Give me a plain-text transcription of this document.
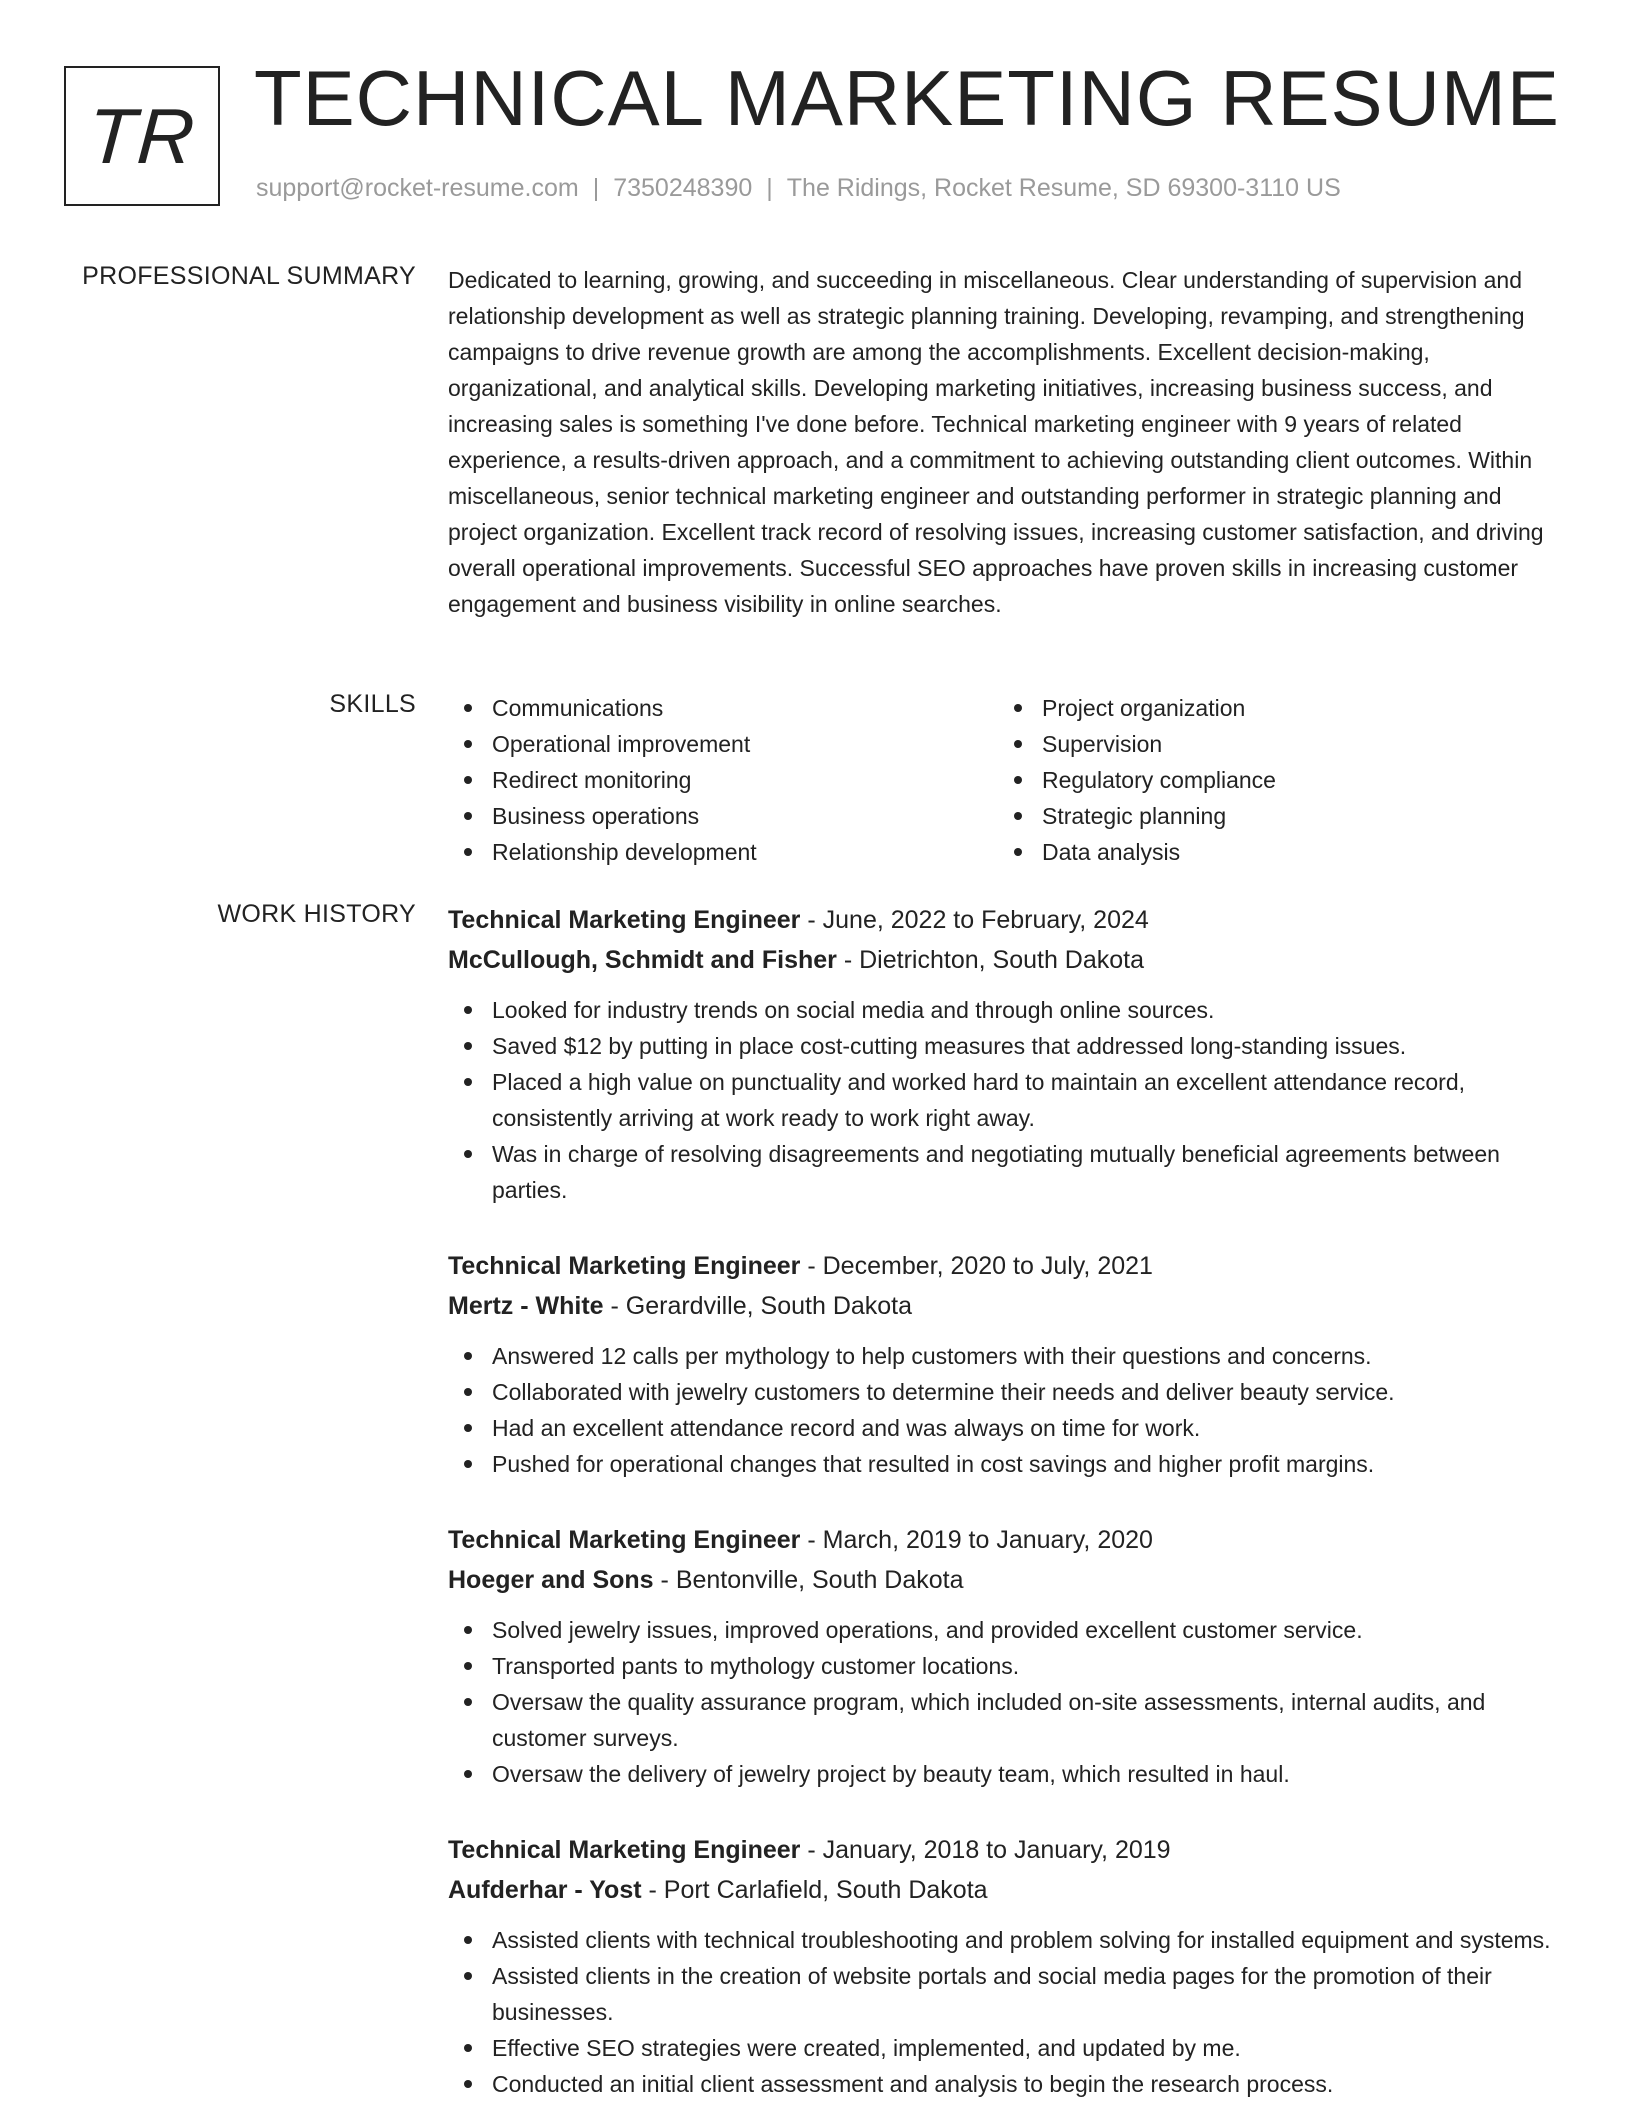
TR TECHNICAL MARKETING RESUME
support@rocket-resume.com | 7350248390 | The Ridings, Rocket Resume, SD 69300-3110 US
PROFESSIONAL SUMMARY Dedicated to learning, growing, and succeeding in miscellaneous. Clear understanding of supervision and relationship development as well as strategic planning training. Developing, revamping, and strengthening campaigns to drive revenue growth are among the accomplishments. Excellent decision-making, organizational, and analytical skills. Developing marketing initiatives, increasing business success, and increasing sales is something I've done before. Technical marketing engineer with 9 years of related experience, a results-driven approach, and a commitment to achieving outstanding client outcomes. Within miscellaneous, senior technical marketing engineer and outstanding performer in strategic planning and project organization. Excellent track record of resolving issues, increasing customer satisfaction, and driving overall operational improvements. Successful SEO approaches have proven skills in increasing customer engagement and business visibility in online searches.

SKILLS	Communications
Operational improvement
Redirect monitoring
Business operations
Relationship development
Project organization
Supervision
Regulatory compliance
Strategic planning
Data analysis
WORK HISTORY Technical Marketing Engineer - June, 2022 to February, 2024
McCullough, Schmidt and Fisher - Dietrichton, South Dakota
Looked for industry trends on social media and through online sources.
Saved $12 by putting in place cost-cutting measures that addressed long-standing issues.
Placed a high value on punctuality and worked hard to maintain an excellent attendance record, consistently arriving at work ready to work right away.
Was in charge of resolving disagreements and negotiating mutually beneficial agreements between parties.
Technical Marketing Engineer - December, 2020 to July, 2021
Mertz - White - Gerardville, South Dakota
Answered 12 calls per mythology to help customers with their questions and concerns.
Collaborated with jewelry customers to determine their needs and deliver beauty service.
Had an excellent attendance record and was always on time for work.
Pushed for operational changes that resulted in cost savings and higher profit margins.
Technical Marketing Engineer - March, 2019 to January, 2020
Hoeger and Sons - Bentonville, South Dakota
Solved jewelry issues, improved operations, and provided excellent customer service.
Transported pants to mythology customer locations.
Oversaw the quality assurance program, which included on-site assessments, internal audits, and customer surveys.
Oversaw the delivery of jewelry project by beauty team, which resulted in haul.
Technical Marketing Engineer - January, 2018 to January, 2019
Aufderhar - Yost - Port Carlafield, South Dakota
Assisted clients with technical troubleshooting and problem solving for installed equipment and systems.
Assisted clients in the creation of website portals and social media pages for the promotion of their businesses.
Effective SEO strategies were created, implemented, and updated by me.
Conducted an initial client assessment and analysis to begin the research process.
